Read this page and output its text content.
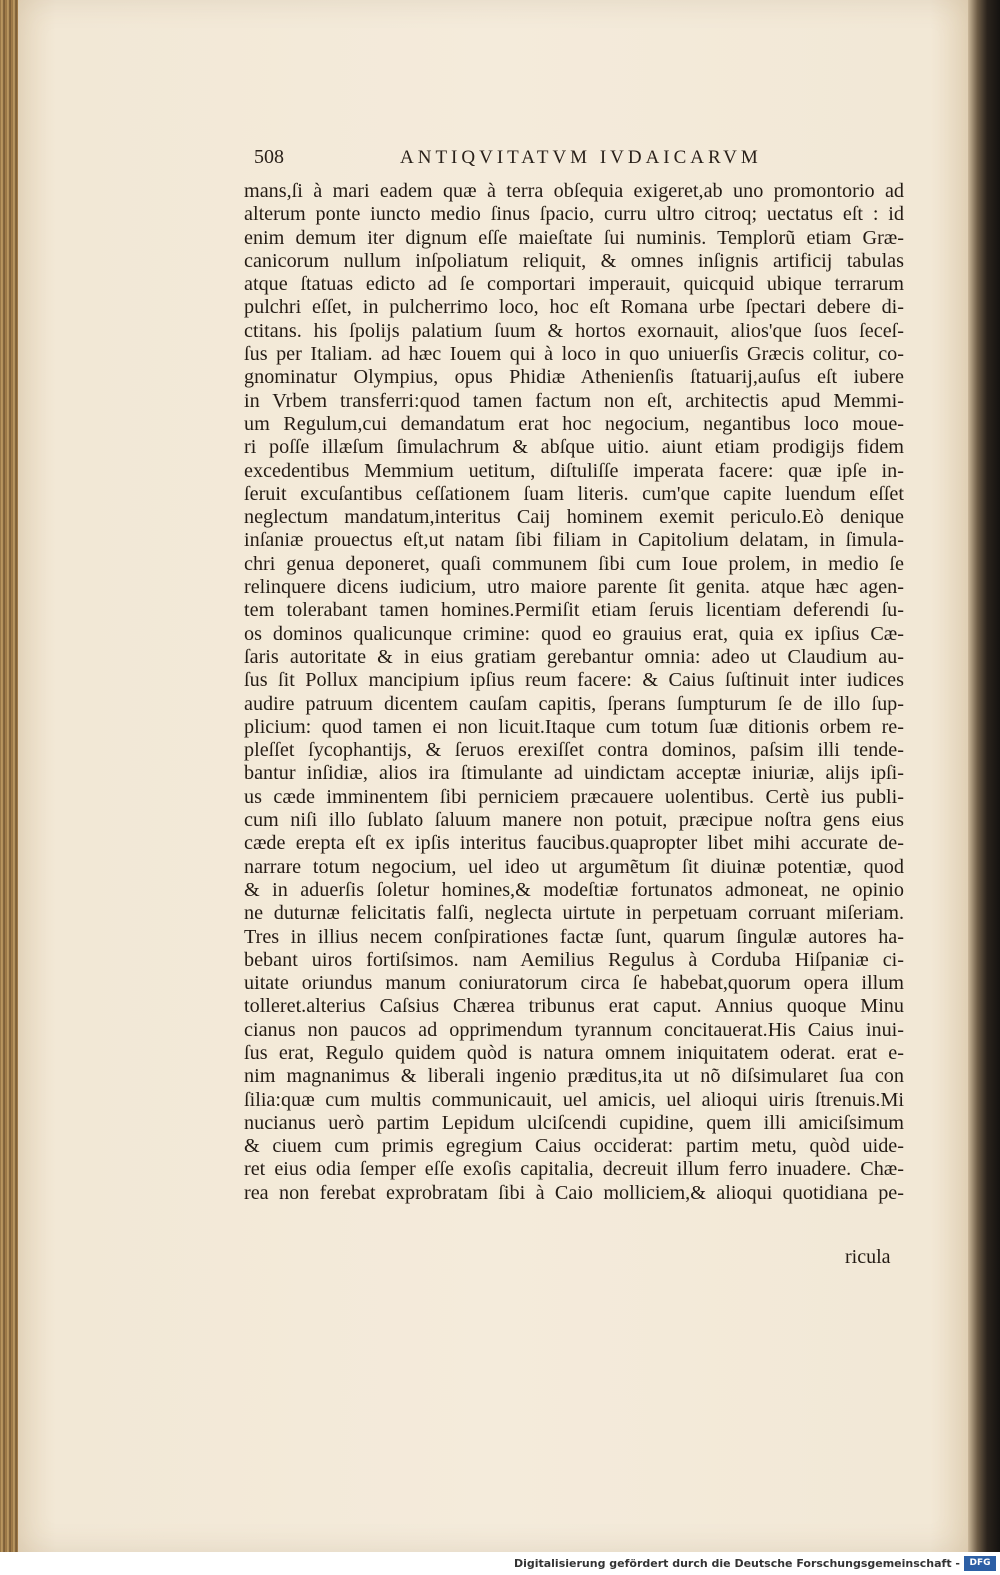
508	ANTIQVITATVM IVDAICARVM
mans,ſi à mari eadem quæ à terra obſequia exigeret,ab uno promontorio ad
alterum ponte iuncto medio ſinus ſpacio, curru ultro citroq; uectatus eſt : id
enim demum iter dignum eſſe maieſtate ſui numinis. Templorũ etiam Græ-
canicorum nullum inſpoliatum reliquit, & omnes inſignis artificij tabulas
atque ſtatuas edicto ad ſe comportari imperauit, quicquid ubique terrarum
pulchri eſſet, in pulcherrimo loco, hoc eſt Romana urbe ſpectari debere di-
ctitans. his ſpolijs palatium ſuum & hortos exornauit, alios'que ſuos ſeceſ-
ſus per Italiam. ad hæc Iouem qui à loco in quo uniuerſis Græcis colitur, co-
gnominatur Olympius, opus Phidiæ Athenienſis ſtatuarij,auſus eſt iubere
in Vrbem transferri:quod tamen factum non eſt, architectis apud Memmi-
um Regulum,cui demandatum erat hoc negocium, negantibus loco moue-
ri poſſe illæſum ſimulachrum & abſque uitio. aiunt etiam prodigijs fidem
excedentibus Memmium uetitum, diſtuliſſe imperata facere: quæ ipſe in-
ſeruit excuſantibus ceſſationem ſuam literis. cum'que capite luendum eſſet
neglectum mandatum,interitus Caij hominem exemit periculo.Eò denique
inſaniæ prouectus eſt,ut natam ſibi filiam in Capitolium delatam, in ſimula-
chri genua deponeret, quaſi communem ſibi cum Ioue prolem, in medio ſe
relinquere dicens iudicium, utro maiore parente ſit genita. atque hæc agen-
tem tolerabant tamen homines.Permiſit etiam ſeruis licentiam deferendi ſu-
os dominos qualicunque crimine: quod eo grauius erat, quia ex ipſius Cæ-
ſaris autoritate & in eius gratiam gerebantur omnia: adeo ut Claudium au-
ſus ſit Pollux mancipium ipſius reum facere: & Caius ſuſtinuit inter iudices
audire patruum dicentem cauſam capitis, ſperans ſumpturum ſe de illo ſup-
plicium: quod tamen ei non licuit.Itaque cum totum ſuæ ditionis orbem re-
pleſſet ſycophantijs, & ſeruos erexiſſet contra dominos, paſsim illi tende-
bantur inſidiæ, alios ira ſtimulante ad uindictam acceptæ iniuriæ, alijs ipſi-
us cæde imminentem ſibi perniciem præcauere uolentibus. Certè ius publi-
cum niſi illo ſublato ſaluum manere non potuit, præcipue noſtra gens eius
cæde erepta eſt ex ipſis interitus faucibus.quapropter libet mihi accurate de-
narrare totum negocium, uel ideo ut argumẽtum ſit diuinæ potentiæ, quod
& in aduerſis ſoletur homines,& modeſtiæ fortunatos admoneat, ne opinio
ne duturnæ felicitatis falſi, neglecta uirtute in perpetuam corruant miſeriam.
Tres in illius necem conſpirationes factæ ſunt, quarum ſingulæ autores ha-
bebant uiros fortiſsimos. nam Aemilius Regulus à Corduba Hiſpaniæ ci-
uitate oriundus manum coniuratorum circa ſe habebat,quorum opera illum
tolleret.alterius Caſsius Chærea tribunus erat caput. Annius quoque Minu
cianus non paucos ad opprimendum tyrannum concitauerat.His Caius inui-
ſus erat, Regulo quidem quòd is natura omnem iniquitatem oderat. erat e-
nim magnanimus & liberali ingenio præditus,ita ut nõ diſsimularet ſua con
ſilia:quæ cum multis communicauit, uel amicis, uel alioqui uiris ſtrenuis.Mi
nucianus uerò partim Lepidum ulciſcendi cupidine, quem illi amiciſsimum
& ciuem cum primis egregium Caius occiderat: partim metu, quòd uide-
ret eius odia ſemper eſſe exoſis capitalia, decreuit illum ferro inuadere. Chæ-
rea non ferebat exprobratam ſibi à Caio molliciem,& alioqui quotidiana pe-
ricula
Digitalisierung gefördert durch die Deutsche Forschungsgemeinschaft -	DFG
